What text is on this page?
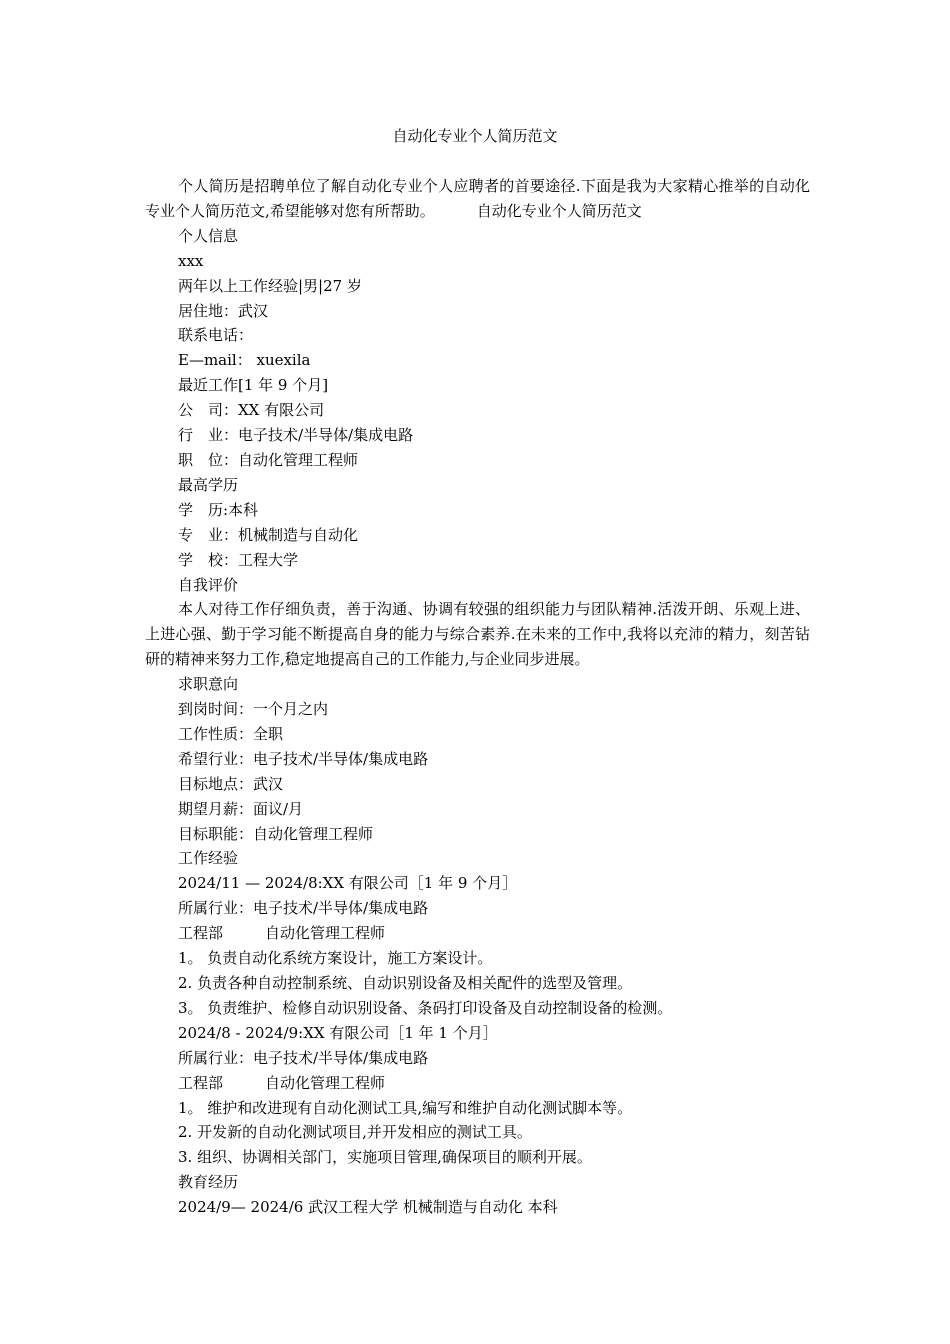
自动化专业个人简历范文

个人简历是招聘单位了解自动化专业个人应聘者的首要途径.下面是我为大家精心推举的自动化专业个人简历范文,希望能够对您有所帮助。	自动化专业个人简历范文

个人信息

xxx

两年以上工作经验|男|27 岁

居住地：武汉

联系电话：

E—mail： xuexila

最近工作[1 年 9 个月]

公　司：XX 有限公司

行　业：电子技术/半导体/集成电路

职　位：自动化管理工程师

最高学历

学　历:本科

专　业：机械制造与自动化

学　校：工程大学

自我评价

本人对待工作仔细负责，善于沟通、协调有较强的组织能力与团队精神.活泼开朗、乐观上进、上进心强、勤于学习能不断提高自身的能力与综合素养.在未来的工作中,我将以充沛的精力，刻苦钻研的精神来努力工作,稳定地提高自己的工作能力,与企业同步进展。

求职意向

到岗时间：一个月之内

工作性质：全职

希望行业：电子技术/半导体/集成电路

目标地点：武汉

期望月薪：面议/月

目标职能：自动化管理工程师

工作经验

2024/11 — 2024/8:XX 有限公司［1 年 9 个月］

所属行业：电子技术/半导体/集成电路

工程部	自动化管理工程师

1。 负责自动化系统方案设计，施工方案设计。

2. 负责各种自动控制系统、自动识别设备及相关配件的选型及管理。

3。 负责维护、检修自动识别设备、条码打印设备及自动控制设备的检测。

2024/8 - 2024/9:XX 有限公司［1 年 1 个月］

所属行业：电子技术/半导体/集成电路

工程部	自动化管理工程师

1。 维护和改进现有自动化测试工具,编写和维护自动化测试脚本等。

2. 开发新的自动化测试项目,并开发相应的测试工具。

3. 组织、协调相关部门，实施项目管理,确保项目的顺利开展。

教育经历

2024/9— 2024/6 武汉工程大学 机械制造与自动化 本科
